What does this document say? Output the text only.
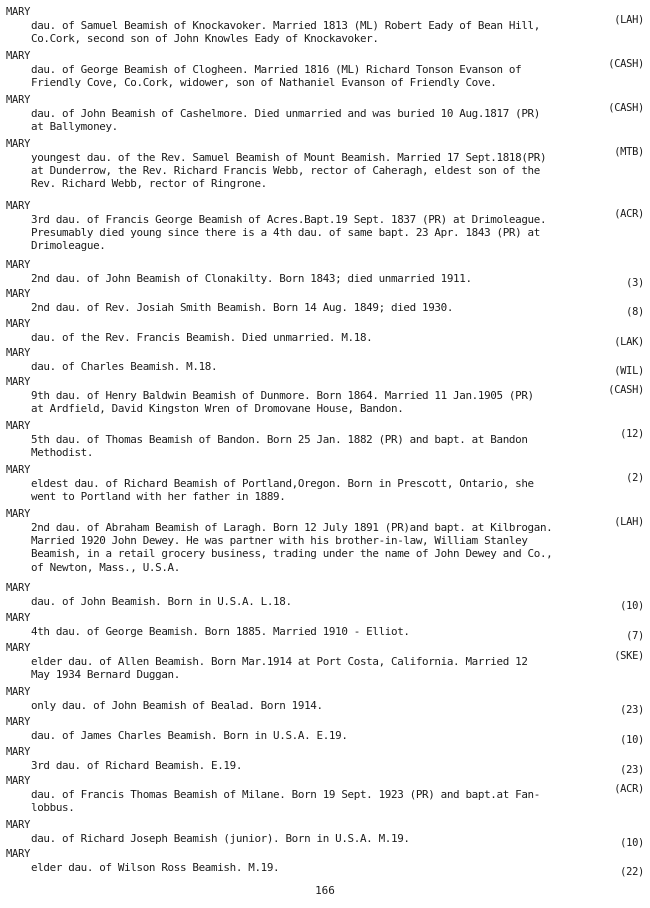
MARY
(LAH)
dau. of Samuel Beamish of Knockavoker. Married 1813 (ML) Robert Eady of Bean Hill,
Co.Cork, second son of John Knowles Eady of Knockavoker.
MARY
(CASH)
dau. of George Beamish of Clogheen. Married 1816 (ML) Richard Tonson Evanson of
Friendly Cove, Co.Cork, widower, son of Nathaniel Evanson of Friendly Cove.
MARY
(CASH)
dau. of John Beamish of Cashelmore. Died unmarried and was buried 10 Aug.1817 (PR)
at Ballymoney.
MARY
(MTB)
youngest dau. of the Rev. Samuel Beamish of Mount Beamish. Married 17 Sept.1818(PR)
at Dunderrow, the Rev. Richard Francis Webb, rector of Caheragh, eldest son of the
Rev. Richard Webb, rector of Ringrone.
MARY
(ACR)
3rd dau. of Francis George Beamish of Acres.Bapt.19 Sept. 1837 (PR) at Drimoleague.
Presumably died young since there is a 4th dau. of same bapt. 23 Apr. 1843 (PR) at
Drimoleague.
MARY
(3)
2nd dau. of John Beamish of Clonakilty. Born 1843; died unmarried 1911.
MARY
(8)
2nd dau. of Rev. Josiah Smith Beamish. Born 14 Aug. 1849; died 1930.
MARY
(LAK)
dau. of the Rev. Francis Beamish. Died unmarried. M.18.
MARY
(WIL)
dau. of Charles Beamish. M.18.
MARY
(CASH)
9th dau. of Henry Baldwin Beamish of Dunmore. Born 1864. Married 11 Jan.1905 (PR)
at Ardfield, David Kingston Wren of Dromovane House, Bandon.
MARY
(12)
5th dau. of Thomas Beamish of Bandon. Born 25 Jan. 1882 (PR) and bapt. at Bandon
Methodist.
MARY
(2)
eldest dau. of Richard Beamish of Portland,Oregon. Born in Prescott, Ontario, she
went to Portland with her father in 1889.
MARY
(LAH)
2nd dau. of Abraham Beamish of Laragh. Born 12 July 1891 (PR)and bapt. at Kilbrogan.
Married 1920 John Dewey. He was partner with his brother-in-law, William Stanley
Beamish, in a retail grocery business, trading under the name of John Dewey and Co.,
of Newton, Mass., U.S.A.
MARY
(10)
dau. of John Beamish. Born in U.S.A. L.18.
MARY
(7)
4th dau. of George Beamish. Born 1885. Married 1910 - Elliot.
MARY
(SKE)
elder dau. of Allen Beamish. Born Mar.1914 at Port Costa, California. Married 12
May 1934 Bernard Duggan.
MARY
(23)
only dau. of John Beamish of Bealad. Born 1914.
MARY
(10)
dau. of James Charles Beamish. Born in U.S.A. E.19.
MARY
(23)
3rd dau. of Richard Beamish. E.19.
MARY
(ACR)
dau. of Francis Thomas Beamish of Milane. Born 19 Sept. 1923 (PR) and bapt.at Fan-
lobbus.
MARY
(10)
dau. of Richard Joseph Beamish (junior). Born in U.S.A. M.19.
MARY
(22)
elder dau. of Wilson Ross Beamish. M.19.
166
